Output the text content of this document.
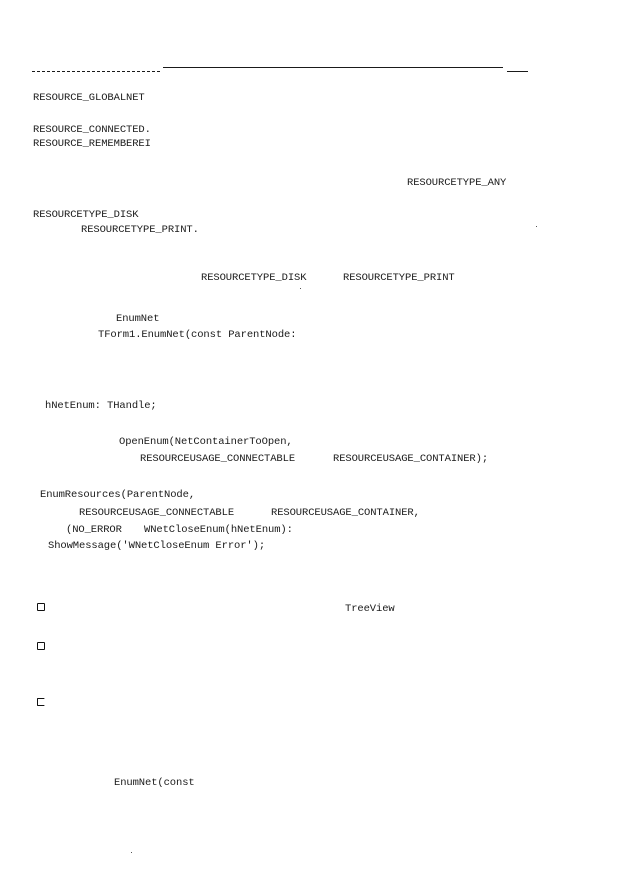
RESOURCE_GLOBALNET
RESOURCE_CONNECTED.
RESOURCE_REMEMBEREI
RESOURCETYPE_ANY
RESOURCETYPE_DISK
RESOURCETYPE_PRINT.
RESOURCETYPE_DISK	RESOURCETYPE_PRINT
EnumNet
TForm1.EnumNet(const ParentNode:
hNetEnum: THandle;
OpenEnum(NetContainerToOpen,
RESOURCEUSAGE_CONNECTABLE	RESOURCEUSAGE_CONTAINER);
EnumResources(ParentNode,
RESOURCEUSAGE_CONNECTABLE	RESOURCEUSAGE_CONTAINER,
(NO_ERROR WNetCloseEnum(hNetEnum):
ShowMessage('WNetCloseEnum Error');
TreeView
EnumNet(const
